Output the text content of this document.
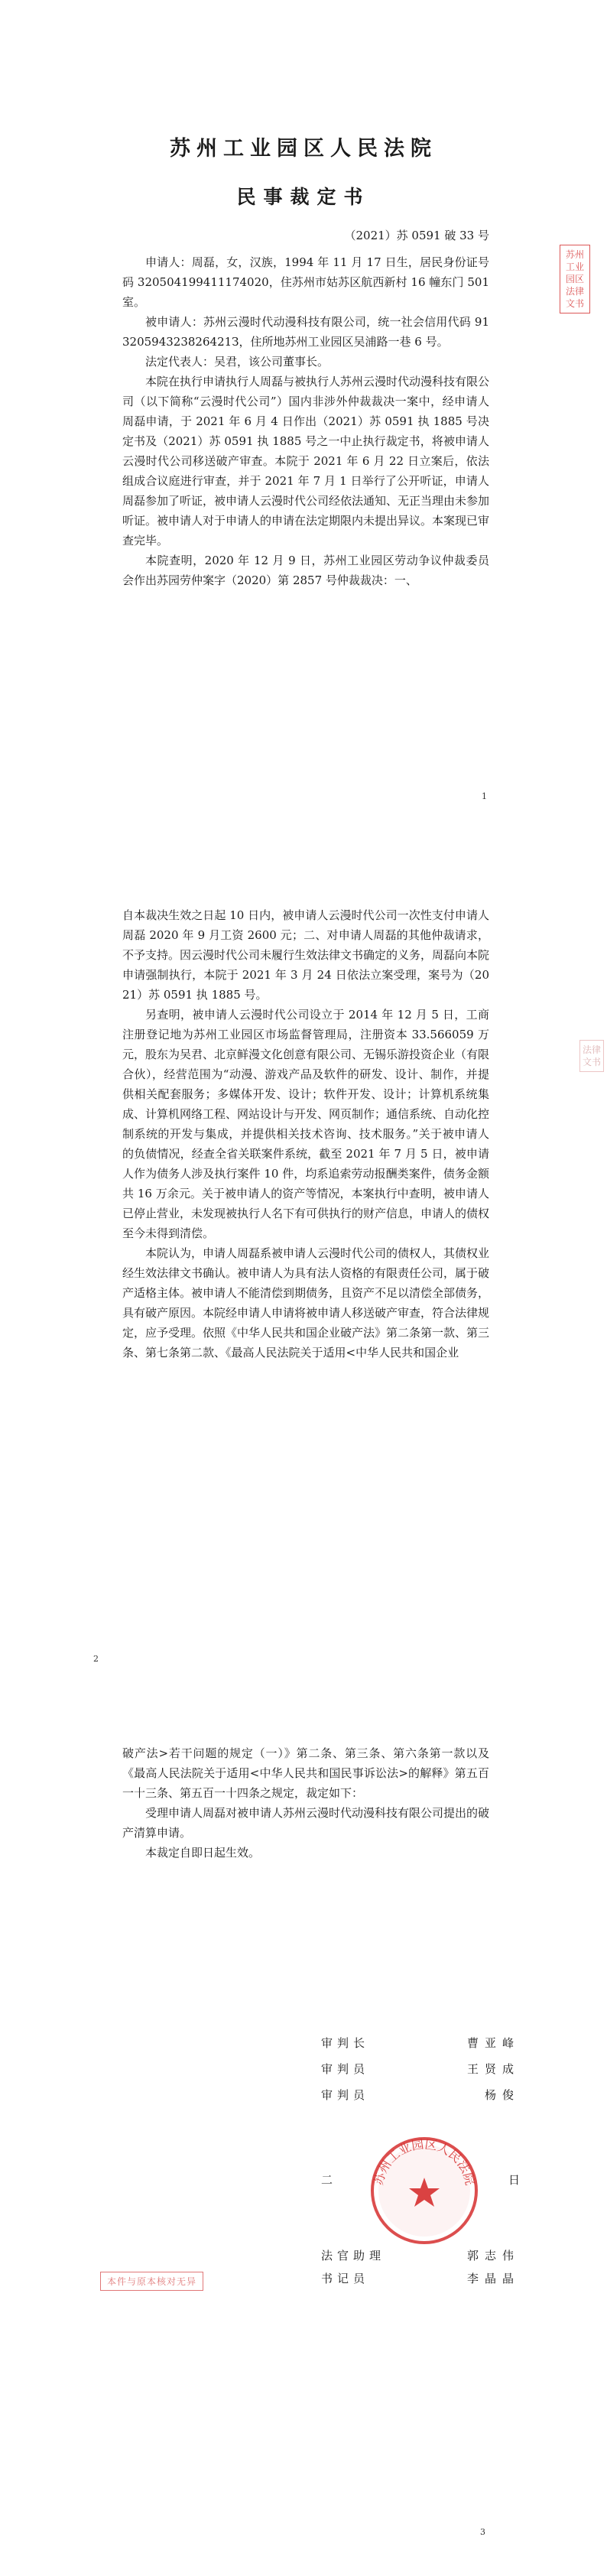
苏州工业园区人民法院
民事裁定书
（2021）苏 0591 破 33 号
苏州工业园区法律文书

申请人：周磊，女，汉族，1994 年 11 月 17 日生，居民身份证号码 320504199411174020，住苏州市姑苏区航西新村 16 幢东门 501 室。

被申请人：苏州云漫时代动漫科技有限公司，统一社会信用代码 91320594323826421З，住所地苏州工业园区吴浦路一巷 6 号。

法定代表人：吴君，该公司董事长。

本院在执行申请执行人周磊与被执行人苏州云漫时代动漫科技有限公司（以下简称“云漫时代公司”）国内非涉外仲裁裁决一案中，经申请人周磊申请，于 2021 年 6 月 4 日作出（2021）苏 0591 执 1885 号决定书及（2021）苏 0591 执 1885 号之一中止执行裁定书，将被申请人云漫时代公司移送破产审查。本院于 2021 年 6 月 22 日立案后，依法组成合议庭进行审查，并于 2021 年 7 月 1 日举行了公开听证，申请人周磊参加了听证，被申请人云漫时代公司经依法通知、无正当理由未参加听证。被申请人对于申请人的申请在法定期限内未提出异议。本案现已审查完毕。

本院查明，2020 年 12 月 9 日，苏州工业园区劳动争议仲裁委员会作出苏园劳仲案字（2020）第 2857 号仲裁裁决：一、

1

自本裁决生效之日起 10 日内，被申请人云漫时代公司一次性支付申请人周磊 2020 年 9 月工资 2600 元；二、对申请人周磊的其他仲裁请求，不予支持。因云漫时代公司未履行生效法律文书确定的义务，周磊向本院申请强制执行，本院于 2021 年 3 月 24 日依法立案受理，案号为（2021）苏 0591 执 1885 号。

另查明，被申请人云漫时代公司设立于 2014 年 12 月 5 日，工商注册登记地为苏州工业园区市场监督管理局，注册资本 33.566059 万元，股东为吴君、北京鲜漫文化创意有限公司、无锡乐游投资企业（有限合伙），经营范围为“动漫、游戏产品及软件的研发、设计、制作，并提供相关配套服务；多媒体开发、设计；软件开发、设计；计算机系统集成、计算机网络工程、网站设计与开发、网页制作；通信系统、自动化控制系统的开发与集成，并提供相关技术咨询、技术服务。”关于被申请人的负债情况，经查全省关联案件系统，截至 2021 年 7 月 5 日，被申请人作为债务人涉及执行案件 10 件，均系追索劳动报酬类案件，债务金额共 16 万余元。关于被申请人的资产等情况，本案执行中查明，被申请人已停止营业，未发现被执行人名下有可供执行的财产信息，申请人的债权至今未得到清偿。

本院认为，申请人周磊系被申请人云漫时代公司的债权人，其债权业经生效法律文书确认。被申请人为具有法人资格的有限责任公司，属于破产适格主体。被申请人不能清偿到期债务，且资产不足以清偿全部债务，具有破产原因。本院经申请人申请将被申请人移送破产审查，符合法律规定，应予受理。依照《中华人民共和国企业破产法》第二条第一款、第三条、第七条第二款、《最高人民法院关于适用<中华人民共和国企业

法律文书
2

破产法>若干问题的规定（一）》第二条、第三条、第六条第一款以及《最高人民法院关于适用<中华人民共和国民事诉讼法>的解释》第五百一十三条、第五百一十四条之规定，裁定如下：

受理申请人周磊对被申请人苏州云漫时代动漫科技有限公司提出的破产清算申请。

本裁定自即日起生效。

3
审判长	曹亚峰
审判员	王贤成
审判员	杨俊
二	日
苏州工业园区人民法院
本件与原本核对无异
法官助理	郭志伟
书记员	李晶晶
